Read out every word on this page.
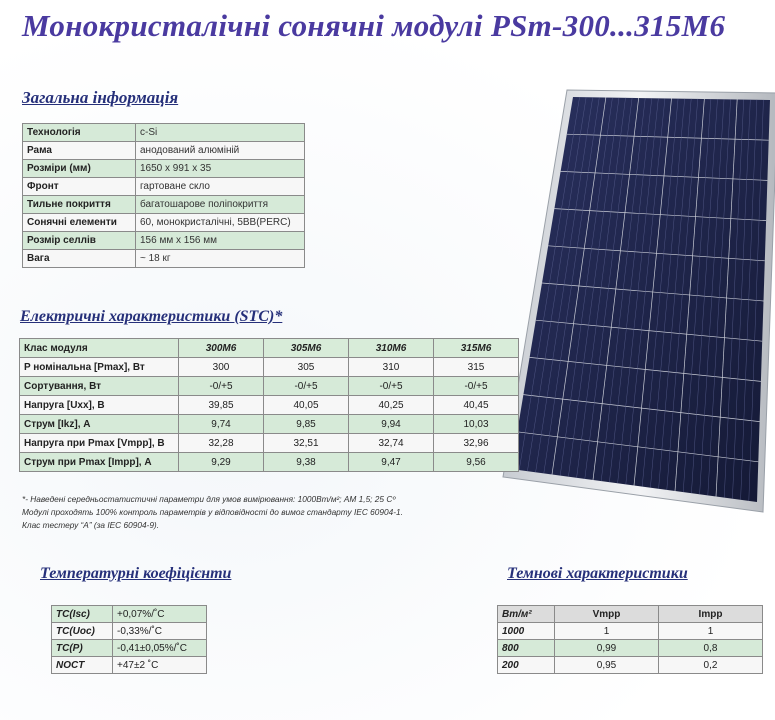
Монокристалічні сонячні модулі PSm-300...315M6
Загальна інформація
Технологія	c-Si
Рама	анодований алюміній
Розміри (мм)	1650 х 991 х 35
Фронт	гартоване скло
Тильне покриття	багатошарове поліпокриття
Сонячні елементи	60, монокристалічні, 5BB(PERC)
Розмір селлів	156 мм х 156 мм
Вага	~ 18 кг
Електричні характеристики (STC)*
Клас модуля	300M6	305M6	310M6	315M6
P номінальна [Pmax], Вт	300	305	310	315
Сортування, Вт	-0/+5	-0/+5	-0/+5	-0/+5
Напруга [Uxx], В	39,85	40,05	40,25	40,45
Струм [Ikz], А	9,74	9,85	9,94	10,03
Напруга при Pmax [Vmpp], В	32,28	32,51	32,74	32,96
Струм при Pmax [Impp], А	9,29	9,38	9,47	9,56
*- Наведені середньостатистичні параметри для умов вимірювання: 1000Вт/м²; АМ 1,5; 25 Cº
Модулі проходять 100% контроль параметрів у відповідності до вимог стандарту IEC 60904-1.
Клас тестеру “А” (за IEC 60904-9).
Температурні коефіцієнти
TC(Isc)	+0,07%/˚C
TC(Uoc)	-0,33%/˚C
TC(P)	-0,41±0,05%/˚C
NOCT	+47±2 ˚C
Темнові характеристики
Вт/м²	Vmpp	Impp
1000	1	1
800	0,99	0,8
200	0,95	0,2
